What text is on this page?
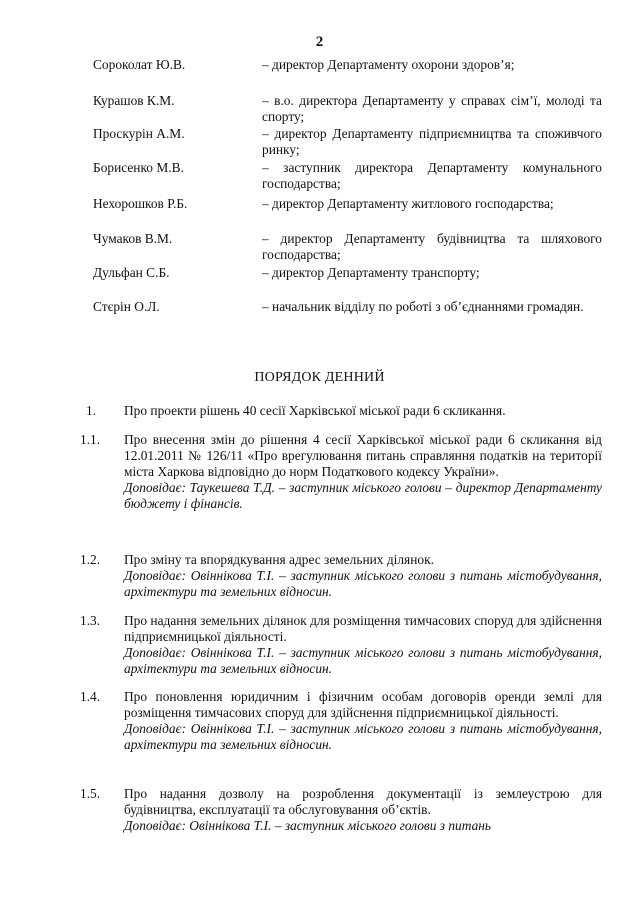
2
Сороколат Ю.В.	– директор Департаменту охорони здоров’я;
Курашов К.М.	– в.о. директора Департаменту у справах сім’ї, молоді та спорту;
Проскурін А.М.	– директор Департаменту підприємництва та споживчого ринку;
Борисенко М.В.	– заступник директора Департаменту комунального господарства;
Нехорошков Р.Б.	– директор Департаменту житлового господарства;
Чумаков В.М.	– директор Департаменту будівництва та шляхового господарства;
Дульфан С.Б.	– директор Департаменту транспорту;
Стєрін О.Л.	– начальник відділу по роботі з об’єднаннями громадян.
ПОРЯДОК ДЕННИЙ
1. Про проекти рішень 40 сесії Харківської міської ради 6 скликання.
1.1. Про внесення змін до рішення 4 сесії Харківської міської ради 6 скликання від 12.01.2011 № 126/11 «Про врегулювання питань справляння податків на території міста Харкова відповідно до норм Податкового кодексу України».
Доповідає: Таукешева Т.Д. – заступник міського голови – директор Департаменту бюджету і фінансів.
1.2. Про зміну та впорядкування адрес земельних ділянок.
Доповідає: Овіннікова Т.І. – заступник міського голови з питань містобудування, архітектури та земельних відносин.
1.3. Про надання земельних ділянок для розміщення тимчасових споруд для здійснення підприємницької діяльності.
Доповідає: Овіннікова Т.І. – заступник міського голови з питань містобудування, архітектури та земельних відносин.
1.4. Про поновлення юридичним і фізичним особам договорів оренди землі для розміщення тимчасових споруд для здійснення підприємницької діяльності.
Доповідає: Овіннікова Т.І. – заступник міського голови з питань містобудування, архітектури та земельних відносин.
1.5. Про надання дозволу на розроблення документації із землеустрою для будівництва, експлуатації та обслуговування об’єктів.
Доповідає: Овіннікова Т.І. – заступник міського голови з питань
